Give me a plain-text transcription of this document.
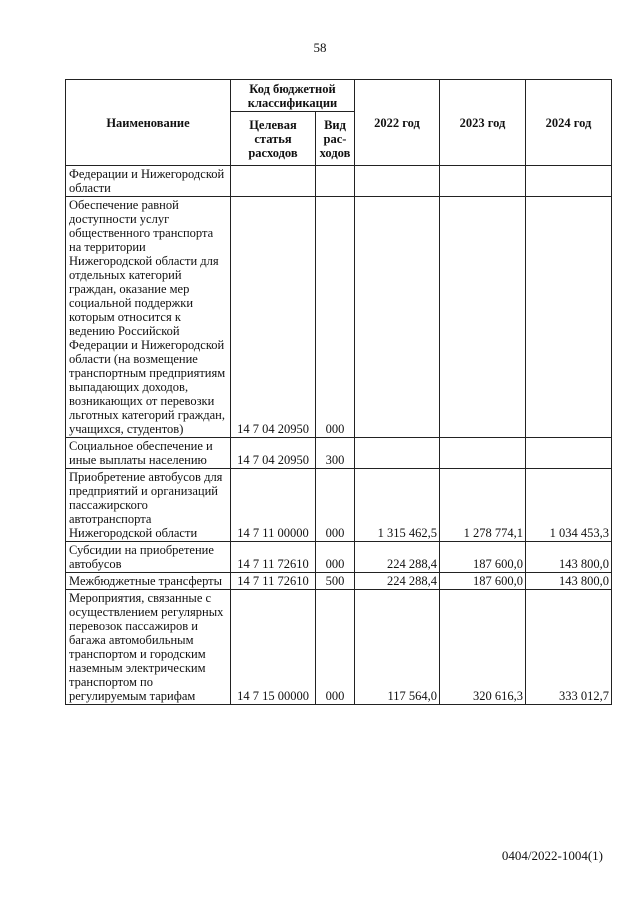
58
Наименование	Код бюджетной классификации		2022 год	2023 год	2024 год
	Целевая статья расходов	Вид рас-ходов			
Федерации и Нижегородской области					
Обеспечение равной доступности услуг общественного транспорта на территории Нижегородской области для отдельных категорий граждан, оказание мер социальной поддержки которым относится к ведению Российской Федерации и Нижегородской области (на возмещение транспортным предприятиям выпадающих доходов, возникающих от перевозки льготных категорий граждан, учащихся, студентов)	14 7 04 20950	000			
Социальное обеспечение и иные выплаты населению	14 7 04 20950	300			
Приобретение автобусов для предприятий и организаций пассажирского автотранспорта Нижегородской области	14 7 11 00000	000	1 315 462,5	1 278 774,1	1 034 453,3
Субсидии на приобретение автобусов	14 7 11 72610	000	224 288,4	187 600,0	143 800,0
Межбюджетные трансферты	14 7 11 72610	500	224 288,4	187 600,0	143 800,0
Мероприятия, связанные с осуществлением регулярных перевозок пассажиров и багажа автомобильным транспортом и городским наземным электрическим транспортом по регулируемым тарифам	14 7 15 00000	000	117 564,0	320 616,3	333 012,7
0404/2022-1004(1)
